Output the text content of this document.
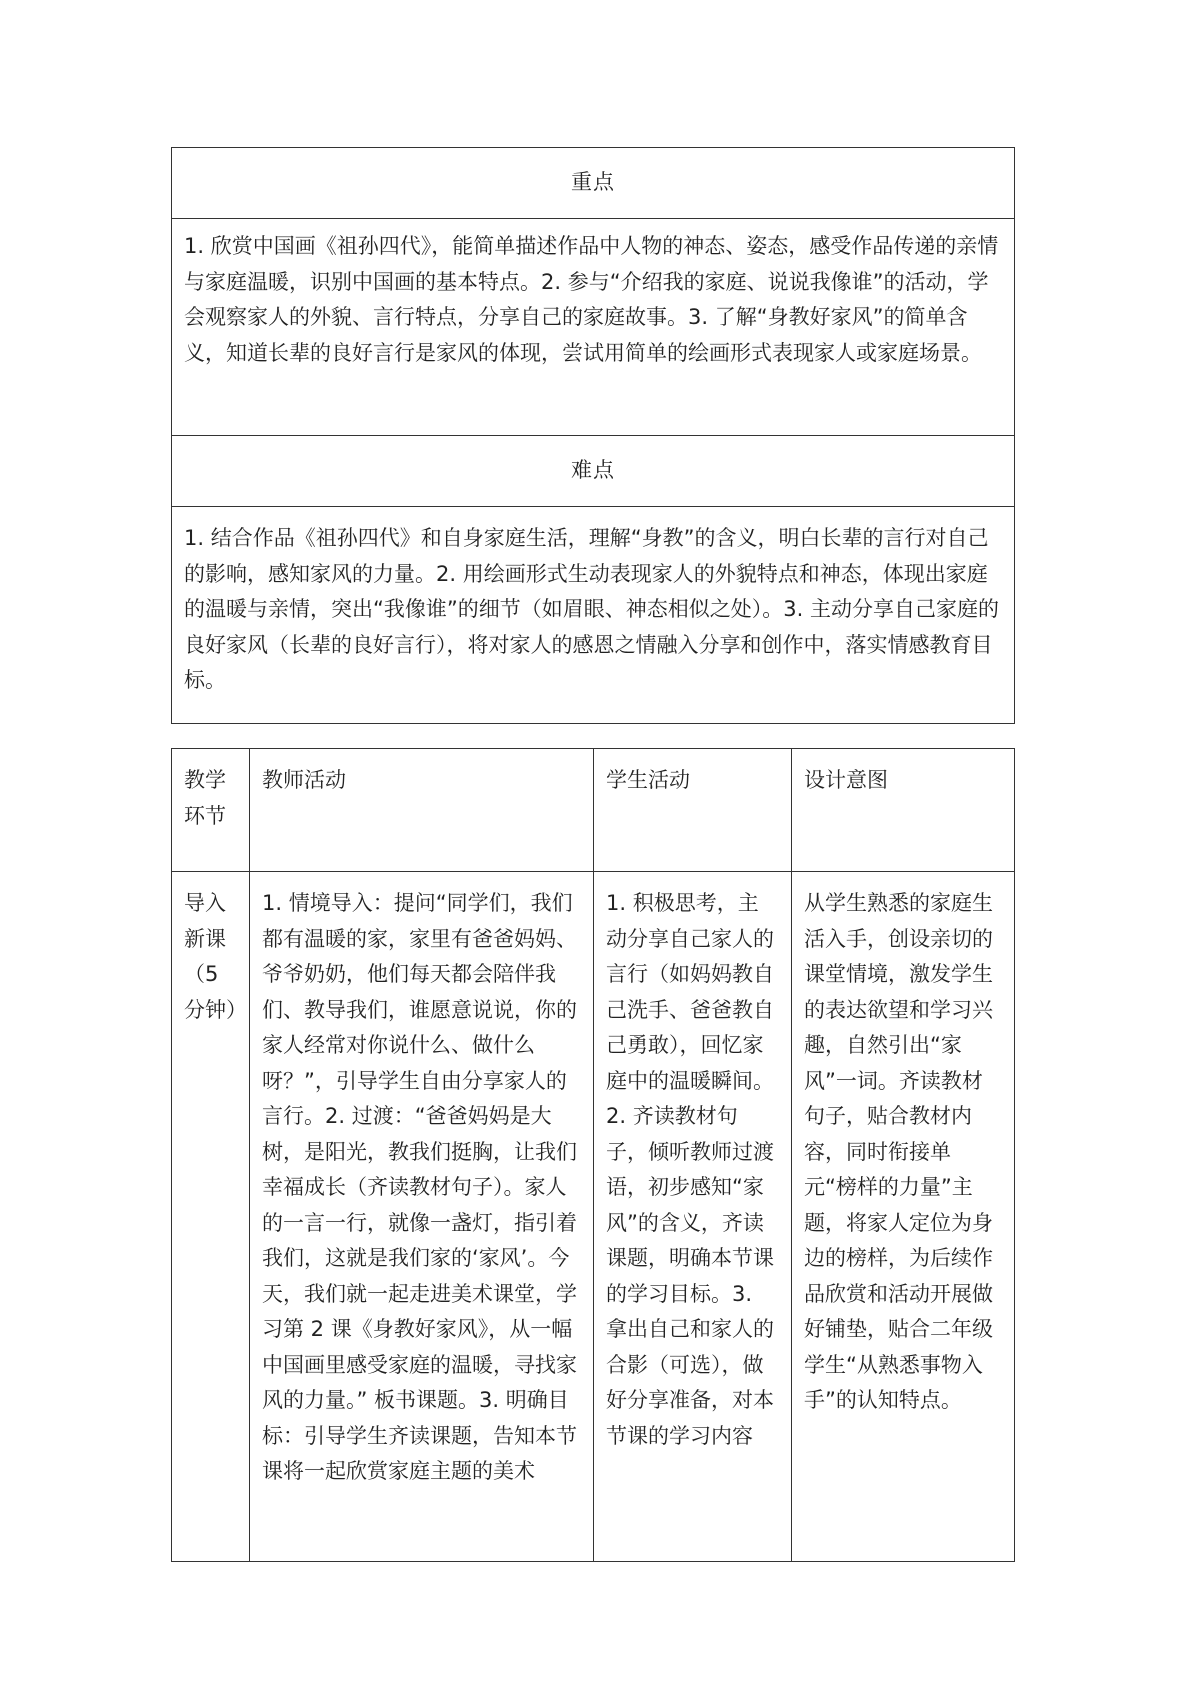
重点
1. 欣赏中国画《祖孙四代》，能简单描述作品中人物的神态、姿态，感受作品传递的亲情与家庭温暖，识别中国画的基本特点。2. 参与“介绍我的家庭、说说我像谁”的活动，学会观察家人的外貌、言行特点，分享自己的家庭故事。3. 了解“身教好家风”的简单含义，知道长辈的良好言行是家风的体现，尝试用简单的绘画形式表现家人或家庭场景。
难点
1. 结合作品《祖孙四代》和自身家庭生活，理解“身教”的含义，明白长辈的言行对自己的影响，感知家风的力量。2. 用绘画形式生动表现家人的外貌特点和神态，体现出家庭的温暖与亲情，突出“我像谁”的细节（如眉眼、神态相似之处）。3. 主动分享自己家庭的良好家风（长辈的良好言行），将对家人的感恩之情融入分享和创作中，落实情感教育目标。
教学环节	教师活动	学生活动	设计意图
导入新课（5分钟）	1. 情境导入：提问“同学们，我们都有温暖的家，家里有爸爸妈妈、爷爷奶奶，他们每天都会陪伴我们、教导我们，谁愿意说说，你的家人经常对你说什么、做什么呀？”，引导学生自由分享家人的言行。2. 过渡：“爸爸妈妈是大树，是阳光，教我们挺胸，让我们幸福成长（齐读教材句子）。家人的一言一行，就像一盏灯，指引着我们，这就是我们家的‘家风’。今天，我们就一起走进美术课堂，学习第 2 课《身教好家风》，从一幅中国画里感受家庭的温暖，寻找家风的力量。” 板书课题。3. 明确目标：引导学生齐读课题，告知本节课将一起欣赏家庭主题的美术	1. 积极思考，主动分享自己家人的言行（如妈妈教自己洗手、爸爸教自己勇敢），回忆家庭中的温暖瞬间。2. 齐读教材句子，倾听教师过渡语，初步感知“家风”的含义，齐读课题，明确本节课的学习目标。3. 拿出自己和家人的合影（可选），做好分享准备，对本节课的学习内容	从学生熟悉的家庭生活入手，创设亲切的课堂情境，激发学生的表达欲望和学习兴趣，自然引出“家风”一词。齐读教材句子，贴合教材内容，同时衔接单元“榜样的力量”主题，将家人定位为身边的榜样，为后续作品欣赏和活动开展做好铺垫，贴合二年级学生“从熟悉事物入手”的认知特点。
